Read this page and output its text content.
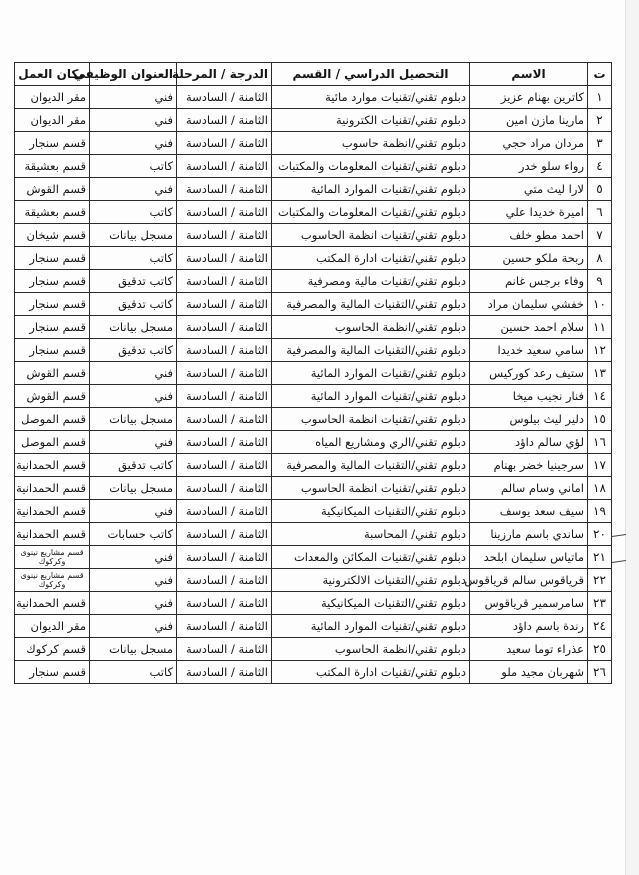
ت	الاسم	التحصيل الدراسي / القسم	الدرجة / المرحلة	العنوان الوظيفي	مكان العمل
١	كاترين بهنام عزيز	دبلوم تقني/تقنيات موارد مائية	الثامنة / السادسة	فني	مقر الديوان
٢	مارينا مازن امين	دبلوم تقني/تقنيات الكترونية	الثامنة / السادسة	فني	مقر الديوان
٣	مردان مراد حجي	دبلوم تقني/انظمة حاسوب	الثامنة / السادسة	فني	قسم سنجار
٤	رواء سلو خدر	دبلوم تقني/تقنيات المعلومات والمكتبات	الثامنة / السادسة	كاتب	قسم بعشيقة
٥	لارا ليث متي	دبلوم تقني/تقنيات الموارد المائية	الثامنة / السادسة	فني	قسم القوش
٦	اميرة خديدا علي	دبلوم تقني/تقنيات المعلومات والمكتبات	الثامنة / السادسة	كاتب	قسم بعشيقة
٧	احمد مطو خلف	دبلوم تقني/تقنيات انظمة الحاسوب	الثامنة / السادسة	مسجل بيانات	قسم شيخان
٨	ربحة ملكو حسين	دبلوم تقني/تقنيات ادارة المكتب	الثامنة / السادسة	كاتب	قسم سنجار
٩	وفاء برجس غانم	دبلوم تقني/تقنيات مالية ومصرفية	الثامنة / السادسة	كاتب تدقيق	قسم سنجار
١٠	خفشي سليمان مراد	دبلوم تقني/التقنيات المالية والمصرفية	الثامنة / السادسة	كاتب تدقيق	قسم سنجار
١١	سلام احمد حسين	دبلوم تقني/انظمة الحاسوب	الثامنة / السادسة	مسجل بيانات	قسم سنجار
١٢	سامي سعيد خديدا	دبلوم تقني/التقنيات المالية والمصرفية	الثامنة / السادسة	كاتب تدقيق	قسم سنجار
١٣	ستيف رعد كوركيس	دبلوم تقني/تقنيات الموارد المائية	الثامنة / السادسة	فني	قسم القوش
١٤	فنار نجيب ميخا	دبلوم تقني/تقنيات الموارد المائية	الثامنة / السادسة	فني	قسم القوش
١٥	دلير ليث بيلوس	دبلوم تقني/تقنيات انظمة الحاسوب	الثامنة / السادسة	مسجل بيانات	قسم الموصل
١٦	لؤي سالم داؤد	دبلوم تقني/الري ومشاريع المياه	الثامنة / السادسة	فني	قسم الموصل
١٧	سرجينيا خضر بهنام	دبلوم تقني/التقنيات المالية والمصرفية	الثامنة / السادسة	كاتب تدقيق	قسم الحمدانية
١٨	اماني وسام سالم	دبلوم تقني/تقنيات انظمة الحاسوب	الثامنة / السادسة	مسجل بيانات	قسم الحمدانية
١٩	سيف سعد يوسف	دبلوم تقني/التقنيات الميكانيكية	الثامنة / السادسة	فني	قسم الحمدانية
٢٠	ساندي باسم مارزينا	دبلوم تقني/ المحاسبة	الثامنة / السادسة	كاتب حسابات	قسم الحمدانية
٢١	ماتياس سليمان ابلحد	دبلوم تقني/تقنيات المكائن والمعدات	الثامنة / السادسة	فني	قسم مشاريع نينوى وكركوك
٢٢	قرياقوس سالم قرياقوس	دبلوم تقني/التقنيات الالكترونية	الثامنة / السادسة	فني	قسم مشاريع نينوى وكركوك
٢٣	سامرسمير قرياقوس	دبلوم تقني/التقنيات الميكانيكية	الثامنة / السادسة	فني	قسم الحمدانية
٢٤	رندة باسم داؤد	دبلوم تقني/تقنيات الموارد المائية	الثامنة / السادسة	فني	مقر الديوان
٢٥	عذراء توما سعيد	دبلوم تقني/انظمة الحاسوب	الثامنة / السادسة	مسجل بيانات	قسم كركوك
٢٦	شهربان مجيد ملو	دبلوم تقني/تقنيات ادارة المكتب	الثامنة / السادسة	كاتب	قسم سنجار
